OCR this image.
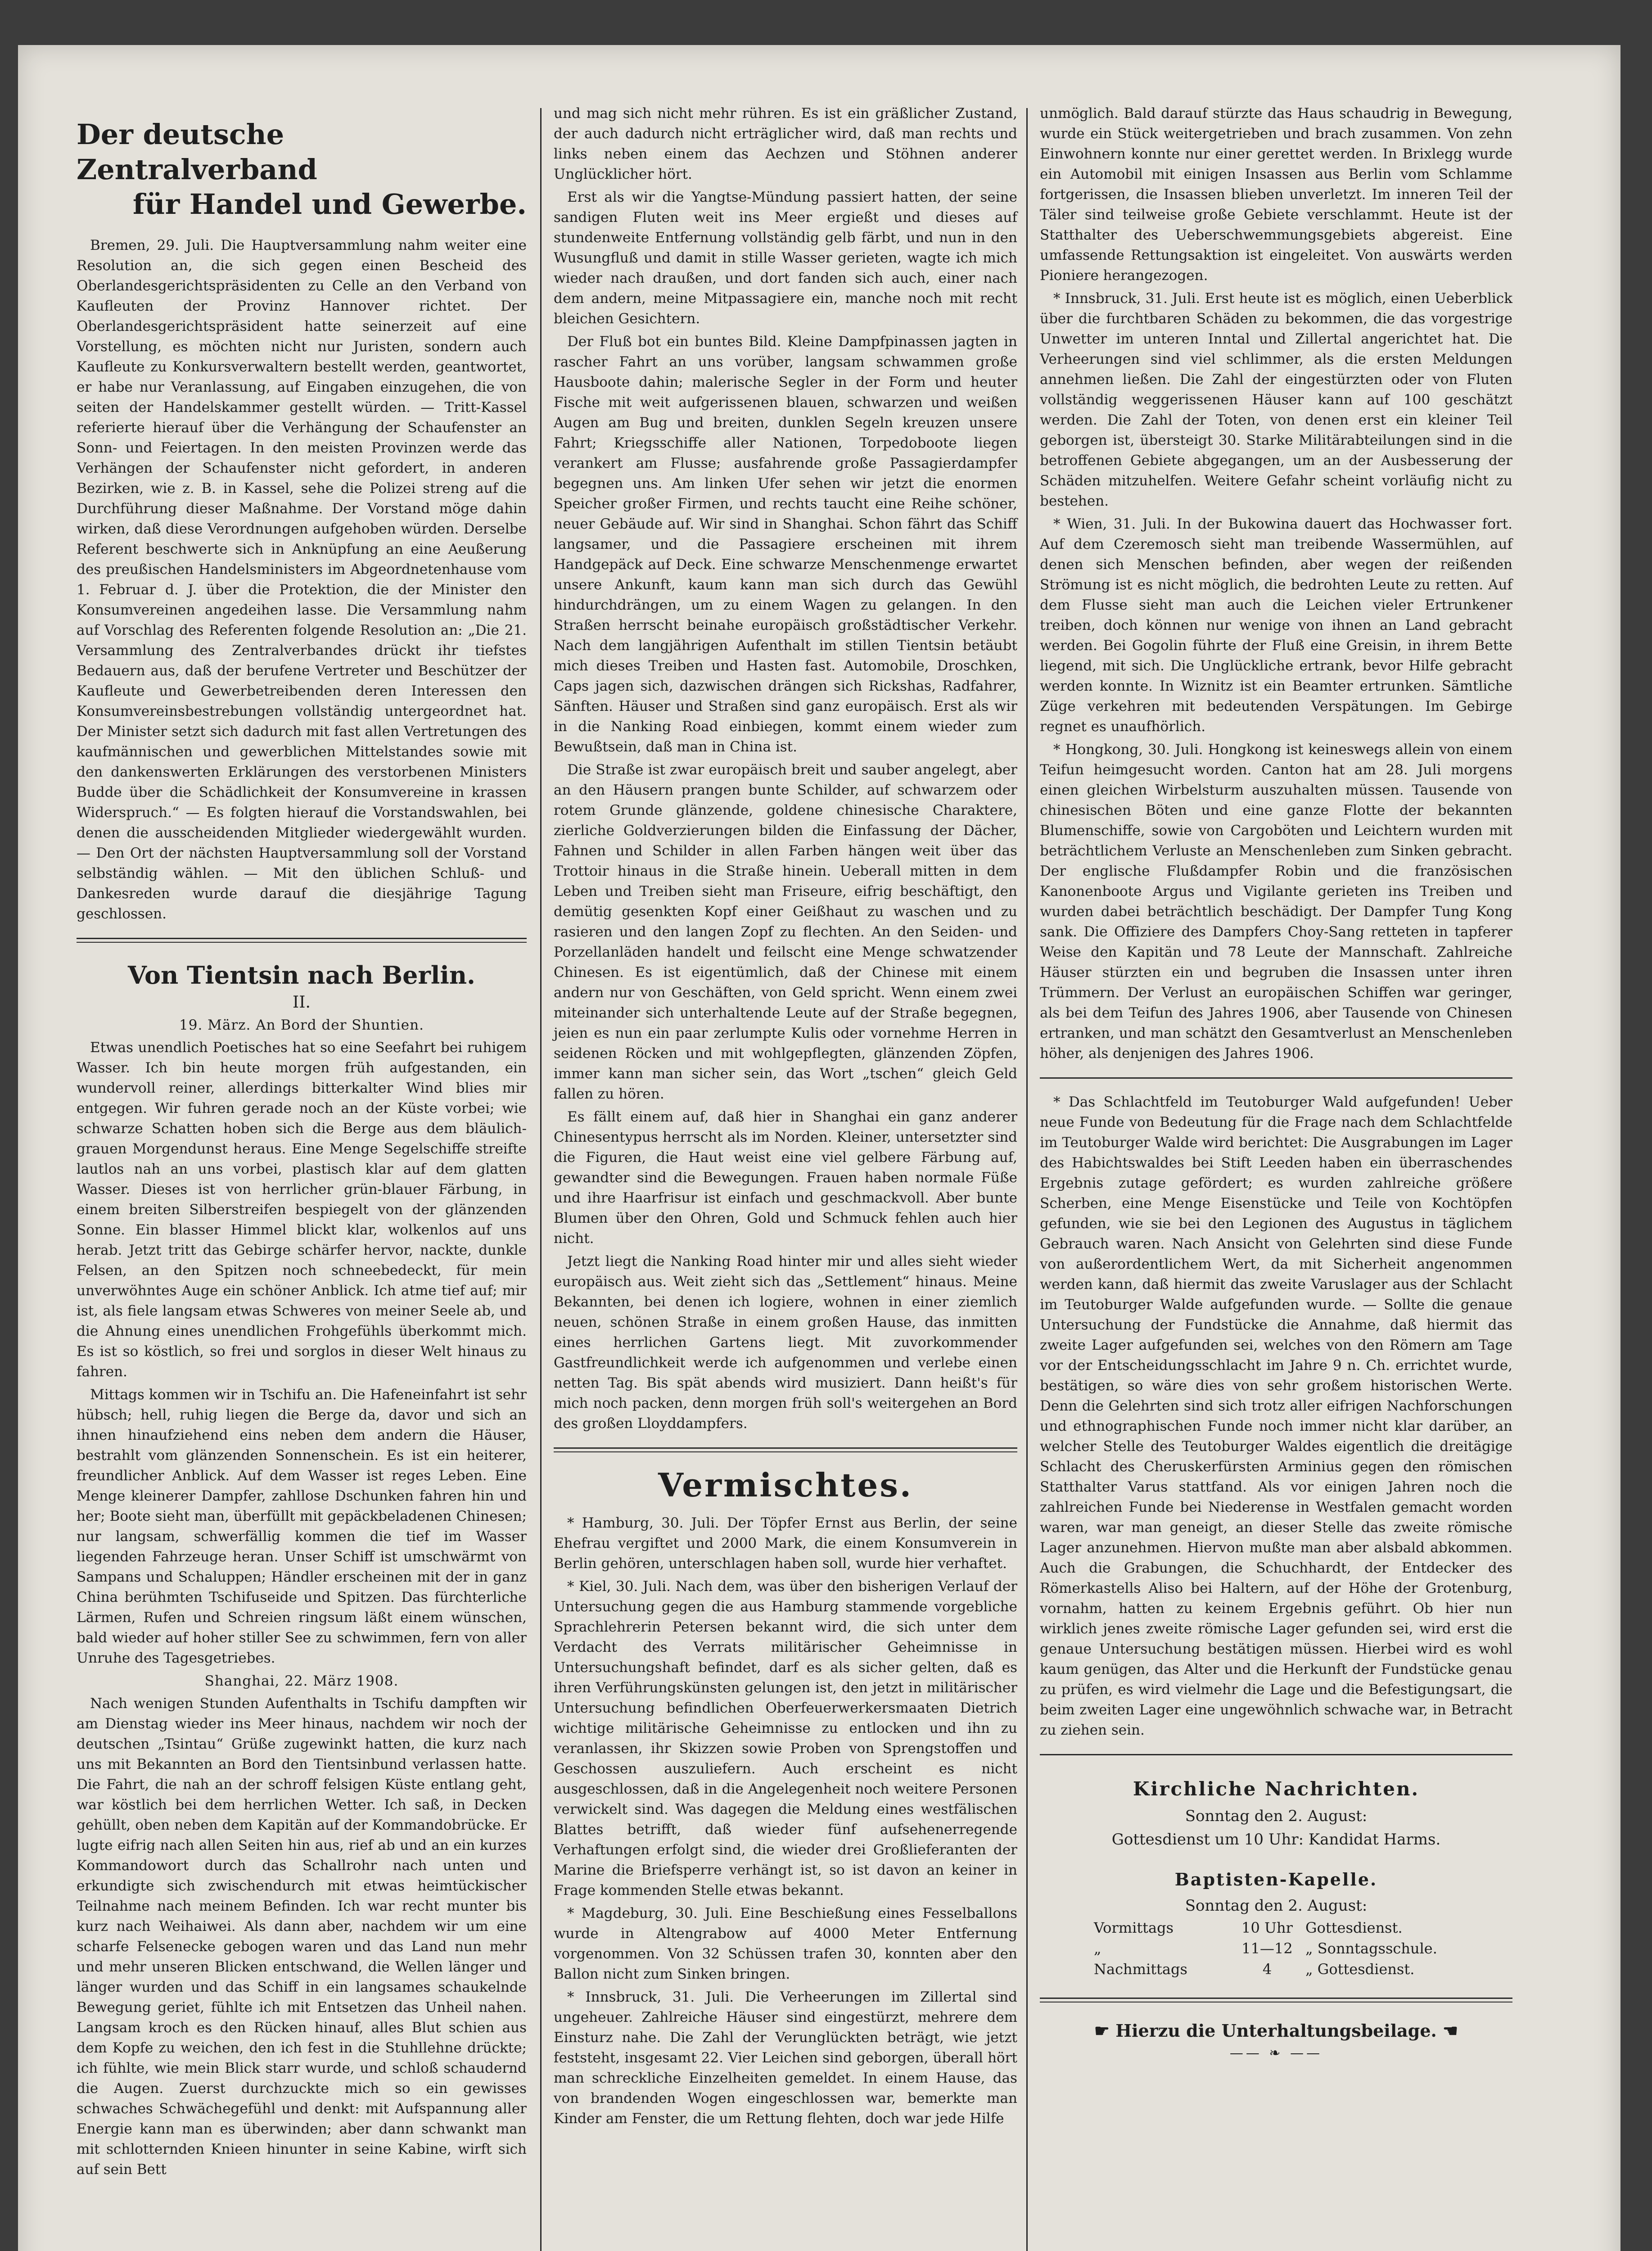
Der deutsche Zentralverband
für Handel und Gewerbe.

Bremen, 29. Juli. Die Hauptversammlung nahm weiter eine Resolution an, die sich gegen einen Bescheid des Oberlandesgerichtspräsidenten zu Celle an den Verband von Kaufleuten der Provinz Hannover richtet. Der Oberlandesgerichtspräsident hatte seinerzeit auf eine Vorstellung, es möchten nicht nur Juristen, sondern auch Kaufleute zu Konkursverwaltern bestellt werden, geantwortet, er habe nur Veranlassung, auf Eingaben einzugehen, die von seiten der Handelskammer gestellt würden. — Tritt-Kassel referierte hierauf über die Verhängung der Schaufenster an Sonn- und Feiertagen. In den meisten Provinzen werde das Verhängen der Schaufenster nicht gefordert, in anderen Bezirken, wie z. B. in Kassel, sehe die Polizei streng auf die Durchführung dieser Maßnahme. Der Vorstand möge dahin wirken, daß diese Verordnungen aufgehoben würden. Derselbe Referent beschwerte sich in Anknüpfung an eine Aeußerung des preußischen Handelsministers im Abgeordnetenhause vom 1. Februar d. J. über die Protektion, die der Minister den Konsumvereinen angedeihen lasse. Die Versammlung nahm auf Vorschlag des Referenten folgende Resolution an: „Die 21. Versammlung des Zentralverbandes drückt ihr tiefstes Bedauern aus, daß der berufene Vertreter und Beschützer der Kaufleute und Gewerbetreibenden deren Interessen den Konsumvereinsbestrebungen vollständig untergeordnet hat. Der Minister setzt sich dadurch mit fast allen Vertretungen des kaufmännischen und gewerblichen Mittelstandes sowie mit den dankenswerten Erklärungen des verstorbenen Ministers Budde über die Schädlichkeit der Konsumvereine in krassen Widerspruch.“ — Es folgten hierauf die Vorstandswahlen, bei denen die ausscheidenden Mitglieder wiedergewählt wurden. — Den Ort der nächsten Hauptversammlung soll der Vorstand selbständig wählen. — Mit den üblichen Schluß- und Dankesreden wurde darauf die diesjährige Tagung geschlossen.

Von Tientsin nach Berlin.
II.
19. März. An Bord der Shuntien.

Etwas unendlich Poetisches hat so eine Seefahrt bei ruhigem Wasser. Ich bin heute morgen früh aufgestanden, ein wundervoll reiner, allerdings bitterkalter Wind blies mir entgegen. Wir fuhren gerade noch an der Küste vorbei; wie schwarze Schatten hoben sich die Berge aus dem bläulich-grauen Morgendunst heraus. Eine Menge Segelschiffe streifte lautlos nah an uns vorbei, plastisch klar auf dem glatten Wasser. Dieses ist von herrlicher grün-blauer Färbung, in einem breiten Silberstreifen bespiegelt von der glänzenden Sonne. Ein blasser Himmel blickt klar, wolkenlos auf uns herab. Jetzt tritt das Gebirge schärfer hervor, nackte, dunkle Felsen, an den Spitzen noch schneebedeckt, für mein unverwöhntes Auge ein schöner Anblick. Ich atme tief auf; mir ist, als fiele langsam etwas Schweres von meiner Seele ab, und die Ahnung eines unendlichen Frohgefühls überkommt mich. Es ist so köstlich, so frei und sorglos in dieser Welt hinaus zu fahren.

Mittags kommen wir in Tschifu an. Die Hafeneinfahrt ist sehr hübsch; hell, ruhig liegen die Berge da, davor und sich an ihnen hinaufziehend eins neben dem andern die Häuser, bestrahlt vom glänzenden Sonnenschein. Es ist ein heiterer, freundlicher Anblick. Auf dem Wasser ist reges Leben. Eine Menge kleinerer Dampfer, zahllose Dschunken fahren hin und her; Boote sieht man, überfüllt mit gepäckbeladenen Chinesen; nur langsam, schwerfällig kommen die tief im Wasser liegenden Fahrzeuge heran. Unser Schiff ist umschwärmt von Sampans und Schaluppen; Händler erscheinen mit der in ganz China berühmten Tschifuseide und Spitzen. Das fürchterliche Lärmen, Rufen und Schreien ringsum läßt einem wünschen, bald wieder auf hoher stiller See zu schwimmen, fern von aller Unruhe des Tagesgetriebes.

Shanghai, 22. März 1908.

Nach wenigen Stunden Aufenthalts in Tschifu dampften wir am Dienstag wieder ins Meer hinaus, nachdem wir noch der deutschen „Tsintau“ Grüße zugewinkt hatten, die kurz nach uns mit Bekannten an Bord den Tientsinbund verlassen hatte. Die Fahrt, die nah an der schroff felsigen Küste entlang geht, war köstlich bei dem herrlichen Wetter. Ich saß, in Decken gehüllt, oben neben dem Kapitän auf der Kommandobrücke. Er lugte eifrig nach allen Seiten hin aus, rief ab und an ein kurzes Kommandowort durch das Schallrohr nach unten und erkundigte sich zwischendurch mit etwas heimtückischer Teilnahme nach meinem Befinden. Ich war recht munter bis kurz nach Weihaiwei. Als dann aber, nachdem wir um eine scharfe Felsenecke gebogen waren und das Land nun mehr und mehr unseren Blicken entschwand, die Wellen länger und länger wurden und das Schiff in ein langsames schaukelnde Bewegung geriet, fühlte ich mit Entsetzen das Unheil nahen. Langsam kroch es den Rücken hinauf, alles Blut schien aus dem Kopfe zu weichen, den ich fest in die Stuhllehne drückte; ich fühlte, wie mein Blick starr wurde, und schloß schaudernd die Augen. Zuerst durchzuckte mich so ein gewisses schwaches Schwächegefühl und denkt: mit Aufspannung aller Energie kann man es überwinden; aber dann schwankt man mit schlotternden Knieen hinunter in seine Kabine, wirft sich auf sein Bett

und mag sich nicht mehr rühren. Es ist ein gräßlicher Zustand, der auch dadurch nicht erträglicher wird, daß man rechts und links neben einem das Aechzen und Stöhnen anderer Unglücklicher hört.

Erst als wir die Yangtse-Mündung passiert hatten, der seine sandigen Fluten weit ins Meer ergießt und dieses auf stundenweite Entfernung vollständig gelb färbt, und nun in den Wusungfluß und damit in stille Wasser gerieten, wagte ich mich wieder nach draußen, und dort fanden sich auch, einer nach dem andern, meine Mitpassagiere ein, manche noch mit recht bleichen Gesichtern.

Der Fluß bot ein buntes Bild. Kleine Dampfpinassen jagten in rascher Fahrt an uns vorüber, langsam schwammen große Hausboote dahin; malerische Segler in der Form und heuter Fische mit weit aufgerissenen blauen, schwarzen und weißen Augen am Bug und breiten, dunklen Segeln kreuzen unsere Fahrt; Kriegsschiffe aller Nationen, Torpedoboote liegen verankert am Flusse; ausfahrende große Passagierdampfer begegnen uns. Am linken Ufer sehen wir jetzt die enormen Speicher großer Firmen, und rechts taucht eine Reihe schöner, neuer Gebäude auf. Wir sind in Shanghai. Schon fährt das Schiff langsamer, und die Passagiere erscheinen mit ihrem Handgepäck auf Deck. Eine schwarze Menschenmenge erwartet unsere Ankunft, kaum kann man sich durch das Gewühl hindurchdrängen, um zu einem Wagen zu gelangen. In den Straßen herrscht beinahe europäisch großstädtischer Verkehr. Nach dem langjährigen Aufenthalt im stillen Tientsin betäubt mich dieses Treiben und Hasten fast. Automobile, Droschken, Caps jagen sich, dazwischen drängen sich Rickshas, Radfahrer, Sänften. Häuser und Straßen sind ganz europäisch. Erst als wir in die Nanking Road einbiegen, kommt einem wieder zum Bewußtsein, daß man in China ist.

Die Straße ist zwar europäisch breit und sauber angelegt, aber an den Häusern prangen bunte Schilder, auf schwarzem oder rotem Grunde glänzende, goldene chinesische Charaktere, zierliche Goldverzierungen bilden die Einfassung der Dächer, Fahnen und Schilder in allen Farben hängen weit über das Trottoir hinaus in die Straße hinein. Ueberall mitten in dem Leben und Treiben sieht man Friseure, eifrig beschäftigt, den demütig gesenkten Kopf einer Geißhaut zu waschen und zu rasieren und den langen Zopf zu flechten. An den Seiden- und Porzellanläden handelt und feilscht eine Menge schwatzender Chinesen. Es ist eigentümlich, daß der Chinese mit einem andern nur von Geschäften, von Geld spricht. Wenn einem zwei miteinander sich unterhaltende Leute auf der Straße begegnen, jeien es nun ein paar zerlumpte Kulis oder vornehme Herren in seidenen Röcken und mit wohlgepflegten, glänzenden Zöpfen, immer kann man sicher sein, das Wort „tschen“ gleich Geld fallen zu hören.

Es fällt einem auf, daß hier in Shanghai ein ganz anderer Chinesentypus herrscht als im Norden. Kleiner, untersetzter sind die Figuren, die Haut weist eine viel gelbere Färbung auf, gewandter sind die Bewegungen. Frauen haben normale Füße und ihre Haarfrisur ist einfach und geschmackvoll. Aber bunte Blumen über den Ohren, Gold und Schmuck fehlen auch hier nicht.

Jetzt liegt die Nanking Road hinter mir und alles sieht wieder europäisch aus. Weit zieht sich das „Settlement“ hinaus. Meine Bekannten, bei denen ich logiere, wohnen in einer ziemlich neuen, schönen Straße in einem großen Hause, das inmitten eines herrlichen Gartens liegt. Mit zuvorkommender Gastfreundlichkeit werde ich aufgenommen und verlebe einen netten Tag. Bis spät abends wird musiziert. Dann heißt's für mich noch packen, denn morgen früh soll's weitergehen an Bord des großen Lloyddampfers.

Vermischtes.

* Hamburg, 30. Juli. Der Töpfer Ernst aus Berlin, der seine Ehefrau vergiftet und 2000 Mark, die einem Konsumverein in Berlin gehören, unterschlagen haben soll, wurde hier verhaftet.

* Kiel, 30. Juli. Nach dem, was über den bisherigen Verlauf der Untersuchung gegen die aus Hamburg stammende vorgebliche Sprachlehrerin Petersen bekannt wird, die sich unter dem Verdacht des Verrats militärischer Geheimnisse in Untersuchungshaft befindet, darf es als sicher gelten, daß es ihren Verführungskünsten gelungen ist, den jetzt in militärischer Untersuchung befindlichen Oberfeuerwerkersmaaten Dietrich wichtige militärische Geheimnisse zu entlocken und ihn zu veranlassen, ihr Skizzen sowie Proben von Sprengstoffen und Geschossen auszuliefern. Auch erscheint es nicht ausgeschlossen, daß in die Angelegenheit noch weitere Personen verwickelt sind. Was dagegen die Meldung eines westfälischen Blattes betrifft, daß wieder fünf aufsehenerregende Verhaftungen erfolgt sind, die wieder drei Großlieferanten der Marine die Briefsperre verhängt ist, so ist davon an keiner in Frage kommenden Stelle etwas bekannt.

* Magdeburg, 30. Juli. Eine Beschießung eines Fesselballons wurde in Altengrabow auf 4000 Meter Entfernung vorgenommen. Von 32 Schüssen trafen 30, konnten aber den Ballon nicht zum Sinken bringen.

* Innsbruck, 31. Juli. Die Verheerungen im Zillertal sind ungeheuer. Zahlreiche Häuser sind eingestürzt, mehrere dem Einsturz nahe. Die Zahl der Verunglückten beträgt, wie jetzt feststeht, insgesamt 22. Vier Leichen sind geborgen, überall hört man schreckliche Einzelheiten gemeldet. In einem Hause, das von brandenden Wogen eingeschlossen war, bemerkte man Kinder am Fenster, die um Rettung flehten, doch war jede Hilfe

unmöglich. Bald darauf stürzte das Haus schaudrig in Bewegung, wurde ein Stück weitergetrieben und brach zusammen. Von zehn Einwohnern konnte nur einer gerettet werden. In Brixlegg wurde ein Automobil mit einigen Insassen aus Berlin vom Schlamme fortgerissen, die Insassen blieben unverletzt. Im inneren Teil der Täler sind teilweise große Gebiete verschlammt. Heute ist der Statthalter des Ueberschwemmungsgebiets abgereist. Eine umfassende Rettungsaktion ist eingeleitet. Von auswärts werden Pioniere herangezogen.

* Innsbruck, 31. Juli. Erst heute ist es möglich, einen Ueberblick über die furchtbaren Schäden zu bekommen, die das vorgestrige Unwetter im unteren Inntal und Zillertal angerichtet hat. Die Verheerungen sind viel schlimmer, als die ersten Meldungen annehmen ließen. Die Zahl der eingestürzten oder von Fluten vollständig weggerissenen Häuser kann auf 100 geschätzt werden. Die Zahl der Toten, von denen erst ein kleiner Teil geborgen ist, übersteigt 30. Starke Militärabteilungen sind in die betroffenen Gebiete abgegangen, um an der Ausbesserung der Schäden mitzuhelfen. Weitere Gefahr scheint vorläufig nicht zu bestehen.

* Wien, 31. Juli. In der Bukowina dauert das Hochwasser fort. Auf dem Czeremosch sieht man treibende Wassermühlen, auf denen sich Menschen befinden, aber wegen der reißenden Strömung ist es nicht möglich, die bedrohten Leute zu retten. Auf dem Flusse sieht man auch die Leichen vieler Ertrunkener treiben, doch können nur wenige von ihnen an Land gebracht werden. Bei Gogolin führte der Fluß eine Greisin, in ihrem Bette liegend, mit sich. Die Unglückliche ertrank, bevor Hilfe gebracht werden konnte. In Wiznitz ist ein Beamter ertrunken. Sämtliche Züge verkehren mit bedeutenden Verspätungen. Im Gebirge regnet es unaufhörlich.

* Hongkong, 30. Juli. Hongkong ist keineswegs allein von einem Teifun heimgesucht worden. Canton hat am 28. Juli morgens einen gleichen Wirbelsturm auszuhalten müssen. Tausende von chinesischen Böten und eine ganze Flotte der bekannten Blumenschiffe, sowie von Cargoböten und Leichtern wurden mit beträchtlichem Verluste an Menschenleben zum Sinken gebracht. Der englische Flußdampfer Robin und die französischen Kanonenboote Argus und Vigilante gerieten ins Treiben und wurden dabei beträchtlich beschädigt. Der Dampfer Tung Kong sank. Die Offiziere des Dampfers Choy-Sang retteten in tapferer Weise den Kapitän und 78 Leute der Mannschaft. Zahlreiche Häuser stürzten ein und begruben die Insassen unter ihren Trümmern. Der Verlust an europäischen Schiffen war geringer, als bei dem Teifun des Jahres 1906, aber Tausende von Chinesen ertranken, und man schätzt den Gesamtverlust an Menschenleben höher, als denjenigen des Jahres 1906.

* Das Schlachtfeld im Teutoburger Wald aufgefunden! Ueber neue Funde von Bedeutung für die Frage nach dem Schlachtfelde im Teutoburger Walde wird berichtet: Die Ausgrabungen im Lager des Habichtswaldes bei Stift Leeden haben ein überraschendes Ergebnis zutage gefördert; es wurden zahlreiche größere Scherben, eine Menge Eisenstücke und Teile von Kochtöpfen gefunden, wie sie bei den Legionen des Augustus in täglichem Gebrauch waren. Nach Ansicht von Gelehrten sind diese Funde von außerordentlichem Wert, da mit Sicherheit angenommen werden kann, daß hiermit das zweite Varuslager aus der Schlacht im Teutoburger Walde aufgefunden wurde. — Sollte die genaue Untersuchung der Fundstücke die Annahme, daß hiermit das zweite Lager aufgefunden sei, welches von den Römern am Tage vor der Entscheidungsschlacht im Jahre 9 n. Ch. errichtet wurde, bestätigen, so wäre dies von sehr großem historischen Werte. Denn die Gelehrten sind sich trotz aller eifrigen Nachforschungen und ethnographischen Funde noch immer nicht klar darüber, an welcher Stelle des Teutoburger Waldes eigentlich die dreitägige Schlacht des Cheruskerfürsten Arminius gegen den römischen Statthalter Varus stattfand. Als vor einigen Jahren noch die zahlreichen Funde bei Niederense in Westfalen gemacht worden waren, war man geneigt, an dieser Stelle das zweite römische Lager anzunehmen. Hiervon mußte man aber alsbald abkommen. Auch die Grabungen, die Schuchhardt, der Entdecker des Römerkastells Aliso bei Haltern, auf der Höhe der Grotenburg, vornahm, hatten zu keinem Ergebnis geführt. Ob hier nun wirklich jenes zweite römische Lager gefunden sei, wird erst die genaue Untersuchung bestätigen müssen. Hierbei wird es wohl kaum genügen, das Alter und die Herkunft der Fundstücke genau zu prüfen, es wird vielmehr die Lage und die Befestigungsart, die beim zweiten Lager eine ungewöhnlich schwache war, in Betracht zu ziehen sein.

Kirchliche Nachrichten.
Sonntag den 2. August:
Gottesdienst um 10 Uhr: Kandidat Harms.
Baptisten-Kapelle.
Sonntag den 2. August:
Vormittags	10 Uhr Gottesdienst.
„	11—12 „ Sonntagsschule.
Nachmittags	4 „ Gottesdienst.
☛ Hierzu die Unterhaltungsbeilage. ☚
—— ❧ ——
